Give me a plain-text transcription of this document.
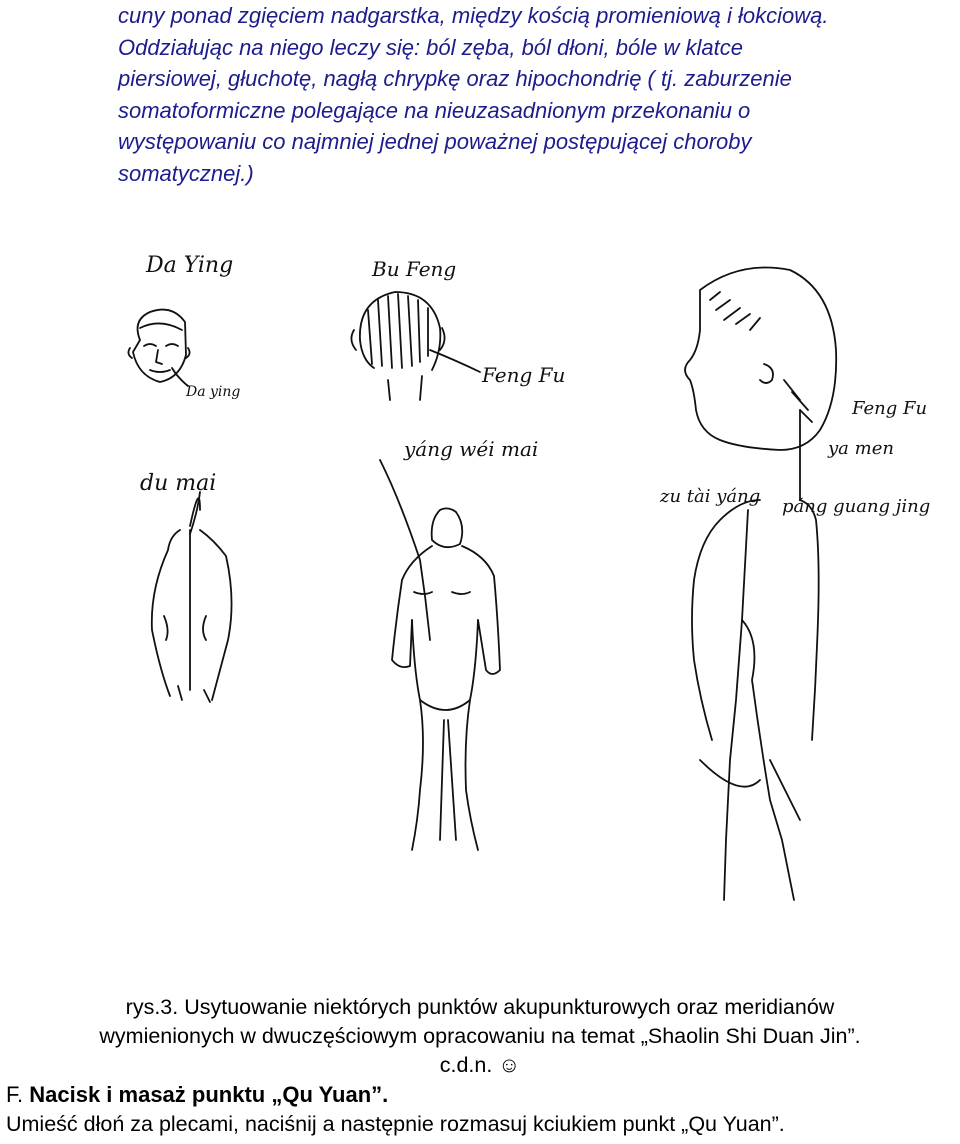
cuny ponad zgięciem nadgarstka, między kością promieniową i łokciową.

Oddziałując na niego leczy się: ból zęba, ból dłoni, bóle w klatce

piersiowej, głuchotę, nagłą chrypkę oraz hipochondrię ( tj. zaburzenie

somatoformiczne polegające na nieuzasadnionym przekonaniu o

występowaniu co najmniej jednej poważnej postępującej choroby

somatycznej.)

Da Ying
Da ying
Bu Feng
Feng Fu
yáng wéi mai
du mai
Feng Fu
ya men
zu tài yáng páng guang jing

rys.3. Usytuowanie niektórych punktów akupunkturowych oraz meridianów

wymienionych w dwuczęściowym opracowaniu na temat „Shaolin Shi Duan Jin”.

c.d.n. ☺

F. Nacisk i masaż punktu „Qu Yuan”.
Umieść dłoń za plecami, naciśnij a następnie rozmasuj kciukiem punkt „Qu Yuan”.
